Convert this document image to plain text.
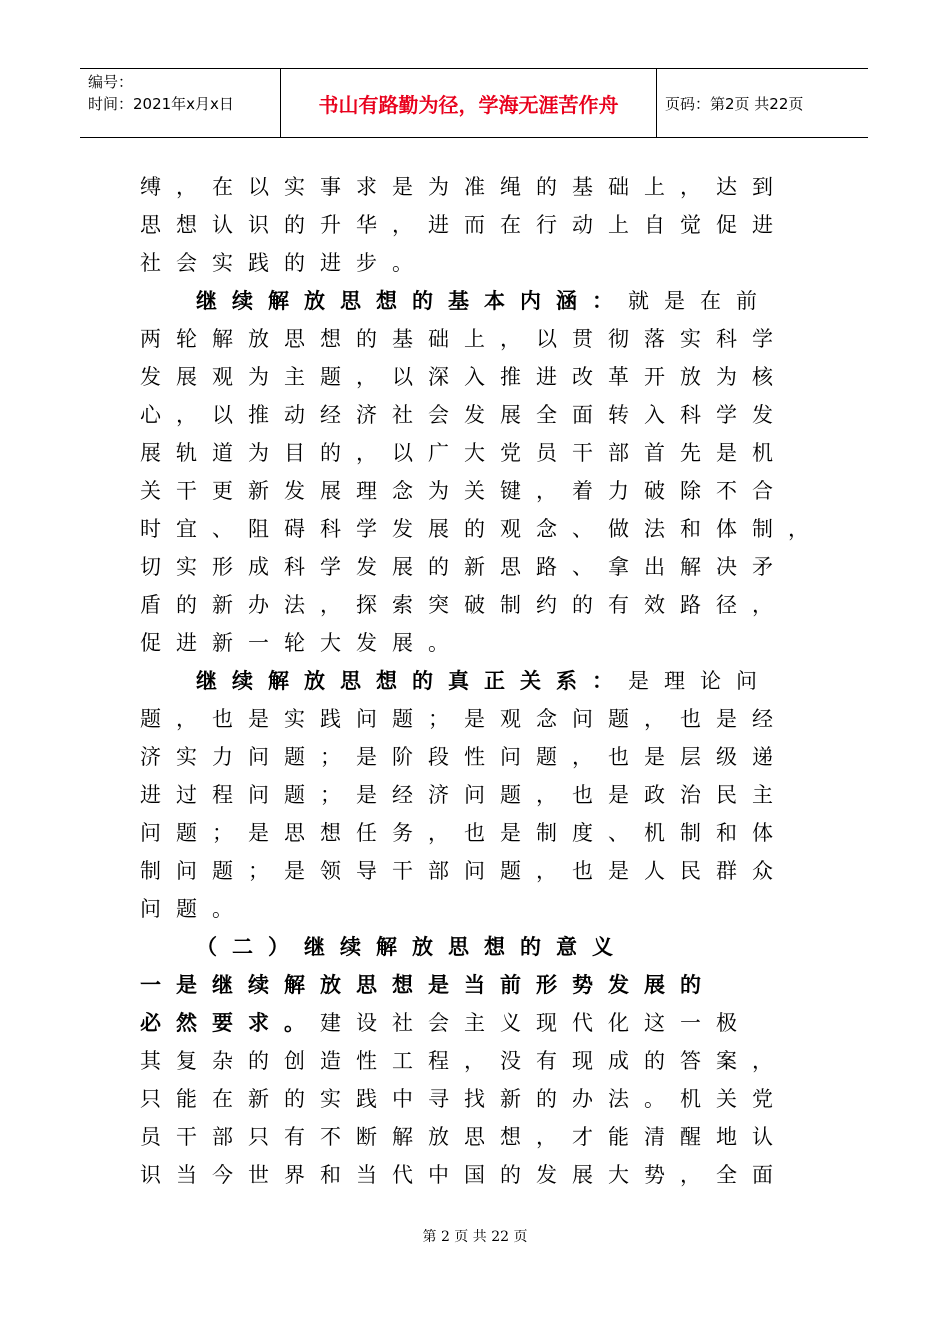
编号：
时间：2021年x月x日	书山有路勤为径，学海无涯苦作舟	页码：第2页 共22页
缚，在以实事求是为准绳的基础上，达到
思想认识的升华，进而在行动上自觉促进
社会实践的进步。
继续解放思想的基本内涵：就是在前
两轮解放思想的基础上，以贯彻落实科学
发展观为主题，以深入推进改革开放为核
心，以推动经济社会发展全面转入科学发
展轨道为目的，以广大党员干部首先是机
关干更新发展理念为关键，着力破除不合
时宜、阻碍科学发展的观念、做法和体制，
切实形成科学发展的新思路、拿出解决矛
盾的新办法，探索突破制约的有效路径，
促进新一轮大发展。
继续解放思想的真正关系：是理论问
题，也是实践问题；是观念问题，也是经
济实力问题；是阶段性问题，也是层级递
进过程问题；是经济问题，也是政治民主
问题；是思想任务，也是制度、机制和体
制问题；是领导干部问题，也是人民群众
问题。
（二）继续解放思想的意义
一是继续解放思想是当前形势发展的
必然要求。建设社会主义现代化这一极
其复杂的创造性工程，没有现成的答案，
只能在新的实践中寻找新的办法。机关党
员干部只有不断解放思想，才能清醒地认
识当今世界和当代中国的发展大势，全面
第 2 页 共 22 页
